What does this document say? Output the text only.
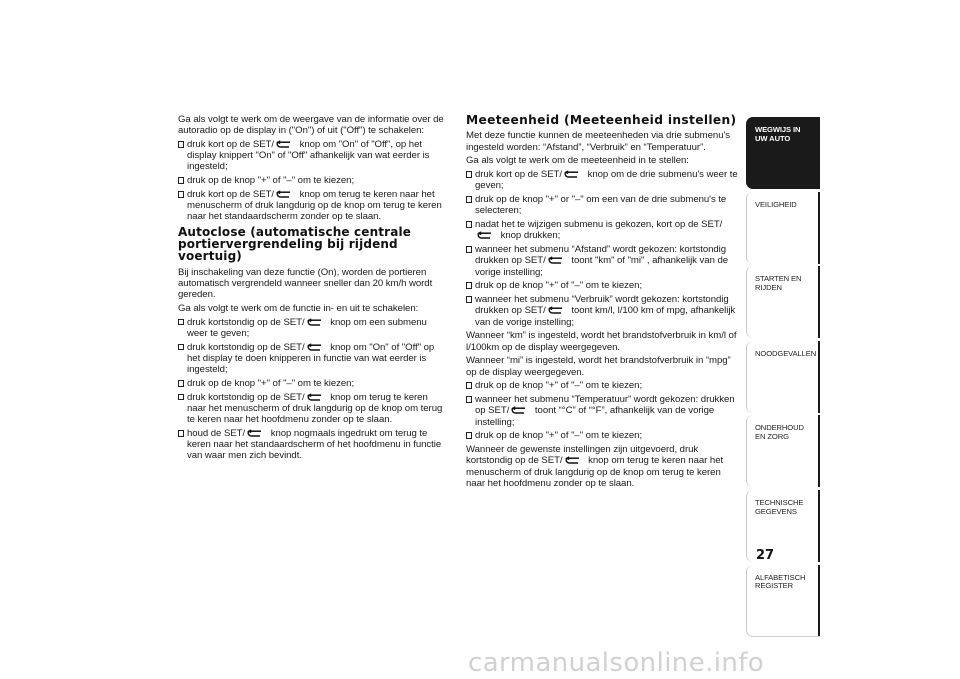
Ga als volgt te werk om de weergave van de informatie over de autoradio op de display in ("On") of uit ("Off") te schakelen:

druk kort op de SET/ knop om "On" of "Off", op het display knippert "On" of "Off" afhankelijk van wat eerder is ingesteld;
druk op de knop "+" of "–" om te kiezen;
druk kort op de SET/ knop om terug te keren naar het menuscherm of druk langdurig op de knop om terug te keren naar het standaardscherm zonder op te slaan.
Autoclose (automatische centrale portiervergrendeling bij rijdend voertuig)

Bij inschakeling van deze functie (On), worden de portieren automatisch vergrendeld wanneer sneller dan 20 km/h wordt gereden.

Ga als volgt te werk om de functie in- en uit te schakelen:

druk kortstondig op de SET/ knop om een submenu weer te geven;
druk kortstondig op de SET/ knop om "On" of "Off" op het display te doen knipperen in functie van wat eerder is ingesteld;
druk op de knop "+" of "–" om te kiezen;
druk kortstondig op de SET/ knop om terug te keren naar het menuscherm of druk langdurig op de knop om terug te keren naar het hoofdmenu zonder op te slaan.
houd de SET/ knop nogmaals ingedrukt om terug te keren naar het standaardscherm of het hoofdmenu in functie van waar men zich bevindt.
Meeteenheid (Meeteenheid instellen)

Met deze functie kunnen de meeteenheden via drie submenu's ingesteld worden: “Afstand”, “Verbruik” en “Temperatuur”.

Ga als volgt te werk om de meeteenheid in te stellen:

druk kort op de SET/ knop om de drie submenu's weer te geven;
druk op de knop "+" or "–" om een van de drie submenu's te selecteren;
nadat het te wijzigen submenu is gekozen, kort op de SET/ knop drukken;
wanneer het submenu “Afstand” wordt gekozen: kortstondig drukken op SET/ toont "km" of "mi" , afhankelijk van de vorige instelling;
druk op de knop "+" of "–" om te kiezen;
wanneer het submenu “Verbruik” wordt gekozen: kortstondig drukken op SET/ toont km/l, l/100 km of mpg, afhankelijk van de vorige instelling;

Wanneer “km” is ingesteld, wordt het brandstofverbruik in km/l of l/100km op de display weergegeven.

Wanneer “mi” is ingesteld, wordt het brandstofverbruik in “mpg” op de display weergegeven.

druk op de knop "+" of "–" om te kiezen;
wanneer het submenu “Temperatuur” wordt gekozen: drukken op SET/ toont “°C” of “°F”, afhankelijk van de vorige instelling;
druk op de knop "+" of "–" om te kiezen;

Wanneer de gewenste instellingen zijn uitgevoerd, druk kortstondig op de SET/ knop om terug te keren naar het menuscherm of druk langdurig op de knop om terug te keren naar het hoofdmenu zonder op te slaan.

WEGWIJS IN UW AUTO
VEILIGHEID
STARTEN EN RIJDEN
NOODGEVALLEN
ONDERHOUD EN ZORG
TECHNISCHE GEGEVENS
ALFABETISCH REGISTER
27
carmanualsonline.info
